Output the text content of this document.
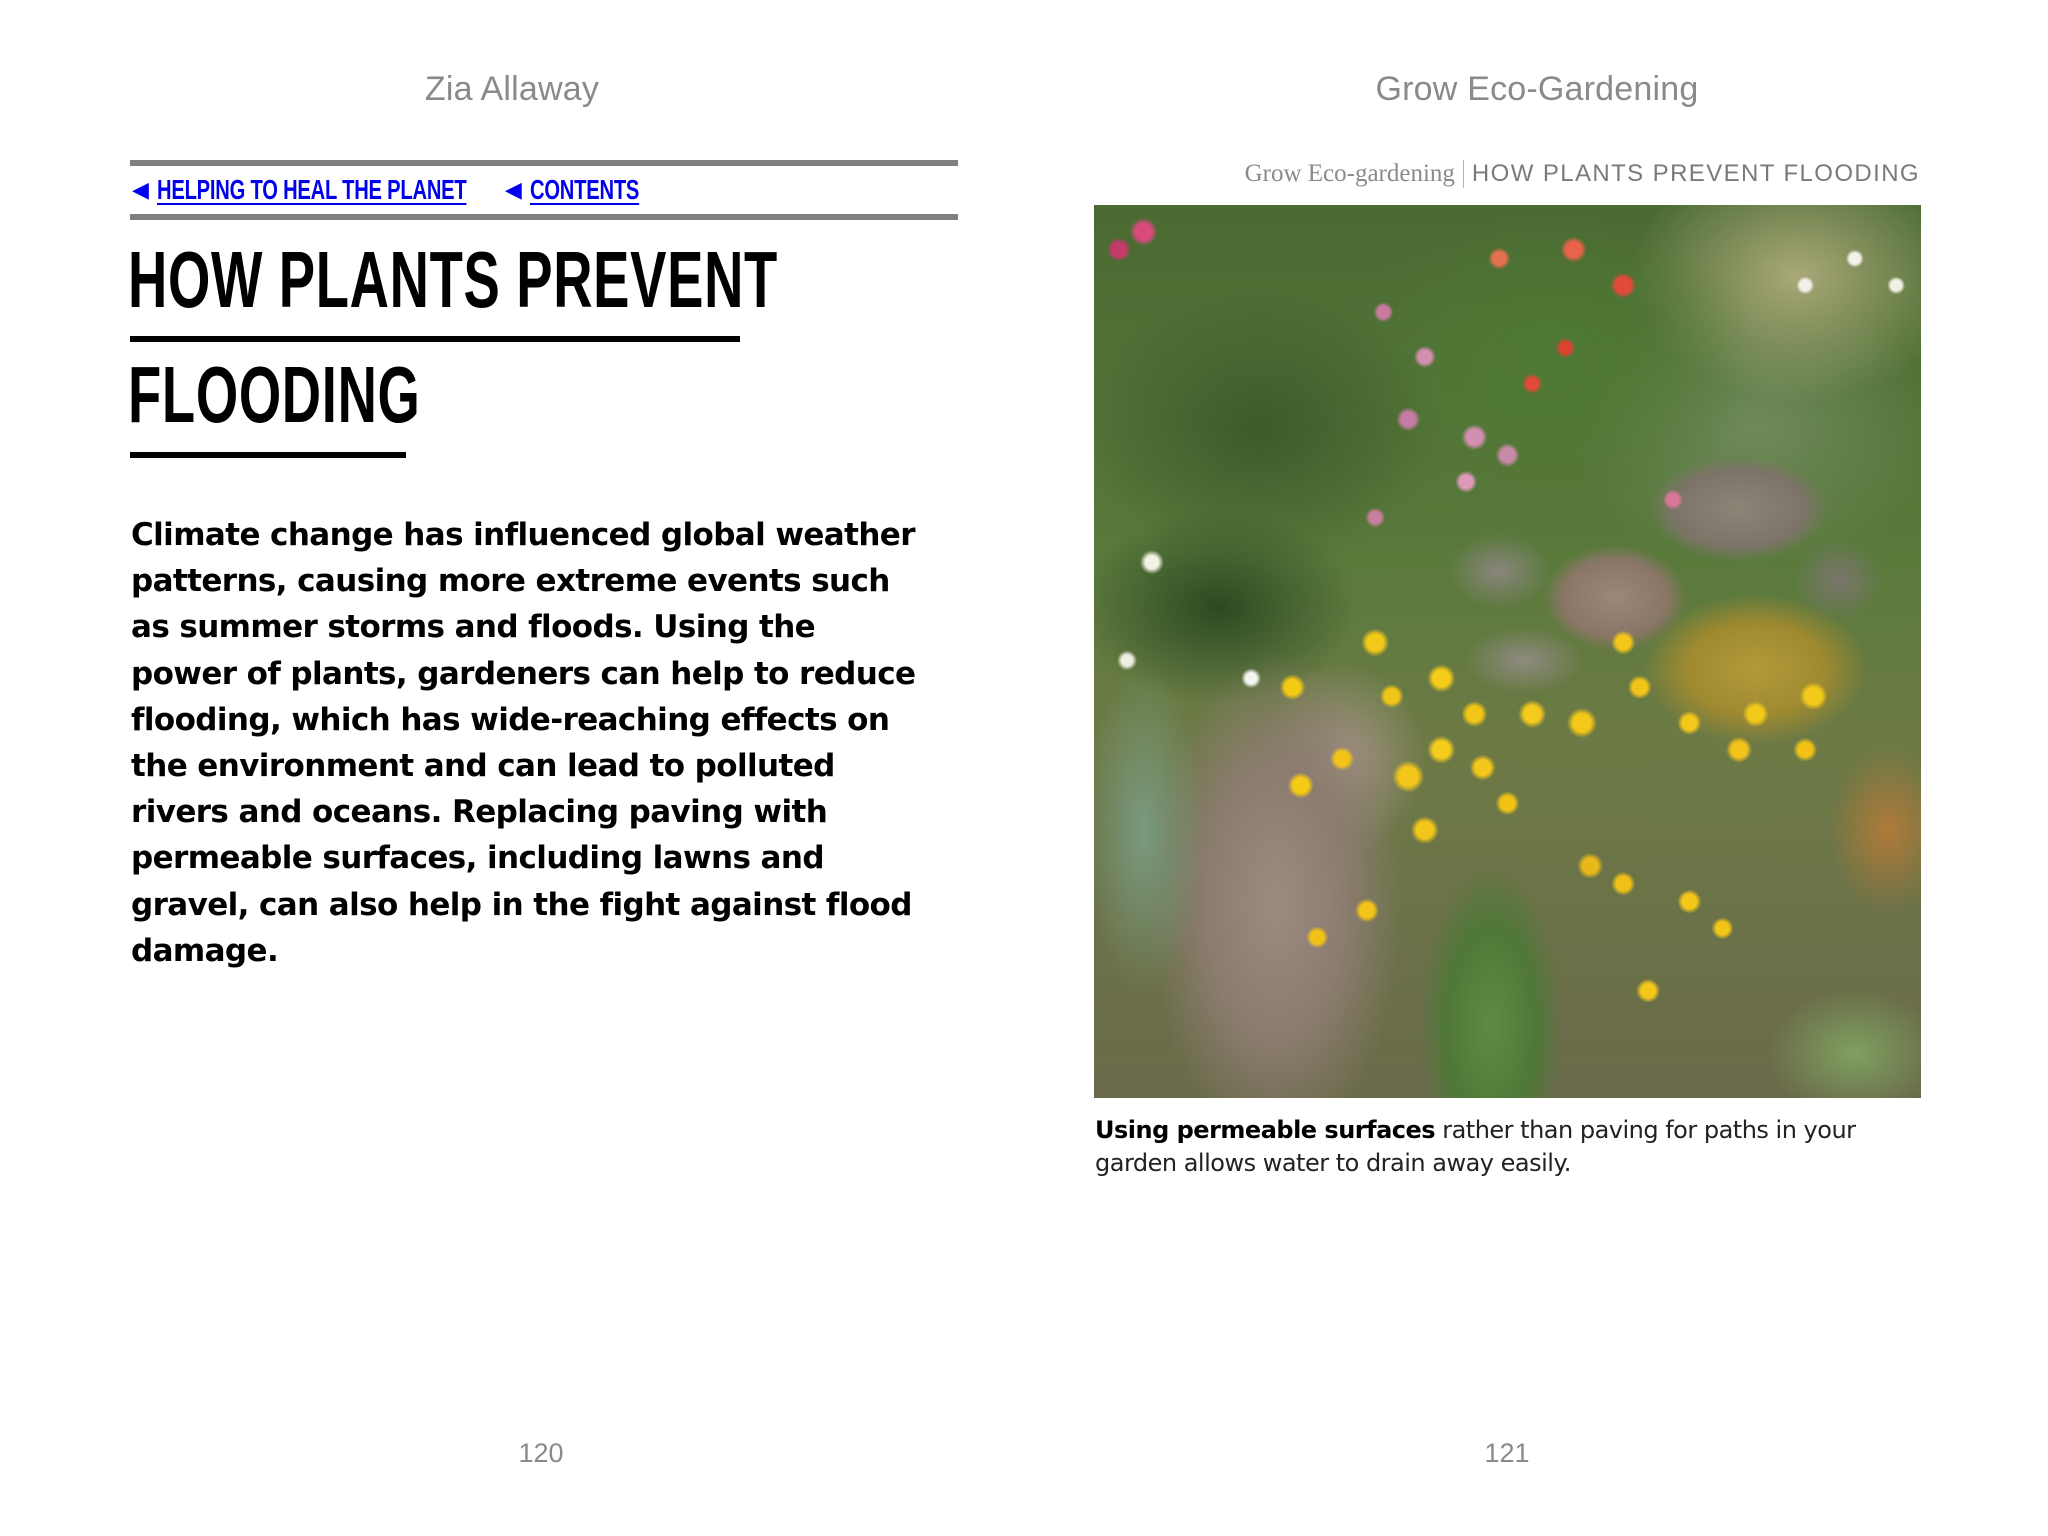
Zia Allaway
◀ HELPING TO HEAL THE PLANET	◀ CONTENTS
HOW PLANTS PREVENT
FLOODING
Climate change has influenced global weather
patterns, causing more extreme events such
as summer storms and floods. Using the
power of plants, gardeners can help to reduce
flooding, which has wide-reaching effects on
the environment and can lead to polluted
rivers and oceans. Replacing paving with
permeable surfaces, including lawns and
gravel, can also help in the fight against flood
damage.
120
Grow Eco-Gardening
Grow Eco-gardening HOW PLANTS PREVENT FLOODING
Using permeable surfaces rather than paving for paths in your garden allows water to drain away easily.
121
